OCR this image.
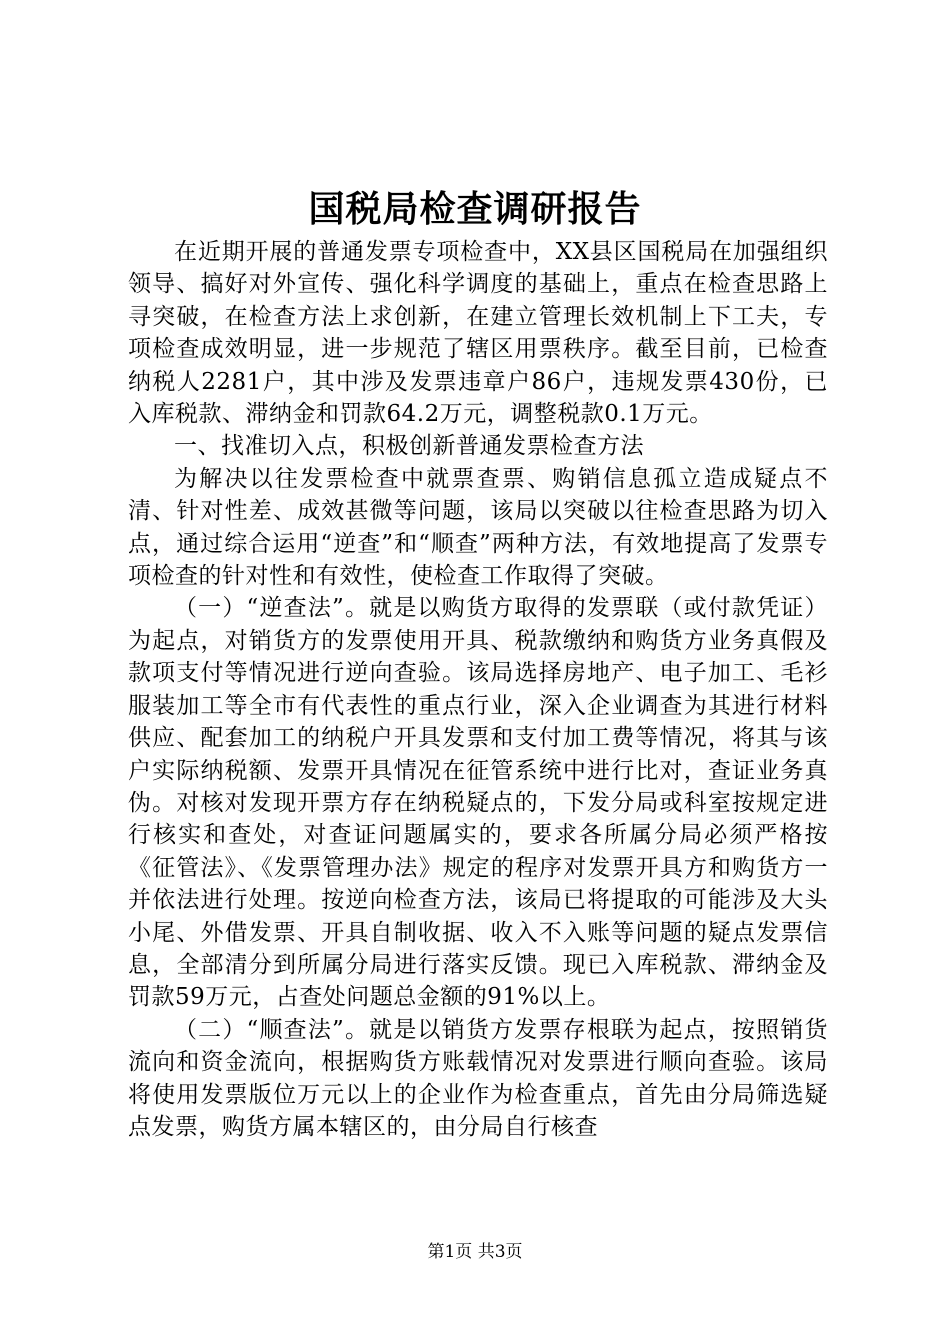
国税局检查调研报告

在近期开展的普通发票专项检查中，XX县区国税局在加强组织领导、搞好对外宣传、强化科学调度的基础上，重点在检查思路上寻突破，在检查方法上求创新，在建立管理长效机制上下工夫，专项检查成效明显，进一步规范了辖区用票秩序。截至目前，已检查纳税人2281户，其中涉及发票违章户86户，违规发票430份，已入库税款、滞纳金和罚款64.2万元，调整税款0.1万元。

一、找准切入点，积极创新普通发票检查方法

为解决以往发票检查中就票查票、购销信息孤立造成疑点不清、针对性差、成效甚微等问题，该局以突破以往检查思路为切入点，通过综合运用“逆查”和“顺查”两种方法，有效地提高了发票专项检查的针对性和有效性，使检查工作取得了突破。

（一）“逆查法”。就是以购货方取得的发票联（或付款凭证）为起点，对销货方的发票使用开具、税款缴纳和购货方业务真假及款项支付等情况进行逆向查验。该局选择房地产、电子加工、毛衫服装加工等全市有代表性的重点行业，深入企业调查为其进行材料供应、配套加工的纳税户开具发票和支付加工费等情况，将其与该户实际纳税额、发票开具情况在征管系统中进行比对，查证业务真伪。对核对发现开票方存在纳税疑点的，下发分局或科室按规定进行核实和查处，对查证问题属实的，要求各所属分局必须严格按《征管法》、《发票管理办法》规定的程序对发票开具方和购货方一并依法进行处理。按逆向检查方法，该局已将提取的可能涉及大头小尾、外借发票、开具自制收据、收入不入账等问题的疑点发票信息，全部清分到所属分局进行落实反馈。现已入库税款、滞纳金及罚款59万元，占查处问题总金额的91%以上。

（二）“顺查法”。就是以销货方发票存根联为起点，按照销货流向和资金流向，根据购货方账载情况对发票进行顺向查验。该局将使用发票版位万元以上的企业作为检查重点，首先由分局筛选疑点发票，购货方属本辖区的，由分局自行核查

第1页 共3页
